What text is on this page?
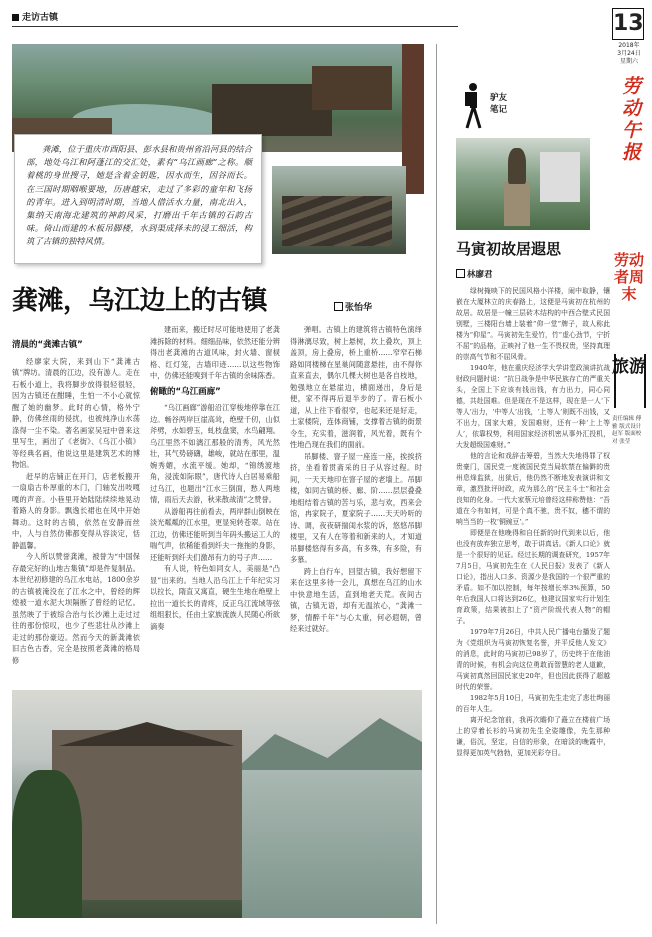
走访古镇	13
2018年
3月24日
星期六
劳动午报
龚滩，位于重庆市酉阳县、彭水县和贵州省沿河县的结合部，地处乌江和阿蓬江的交汇处，素有“乌江画廊”之称。顺着桃的身世搜寻，她是含着金钥匙，因水而生，因谷而长。在三国时期咽喉要地，历唐越宋，走过了多彩的童年和飞扬的青年。进入到明清时期，当地人借活水力量，南北出入，集纳天南海北建筑的神韵风采，打磨出千年古镇的石韵古味。倚山而建的木板吊脚楼，水到渠成择未的浸工细活，构筑了古镇的独特风情。
龚滩，乌江边上的古镇	张怡华
清晨的“龚滩古镇”

经廖家大院，来到山下“龚滩古镇”牌坊。清晨的江边，没有游人。走在石板小道上，我将脚步放得很轻很轻，因为古镇还在酣睡，生怕一不小心就惊醒了她的幽梦。此时的心情，格外宁静，仿佛丝雨的侵扰，也被纯净山水荡涤得一尘不染。著名画家吴冠中曾来这里写生，画出了《老街》、《乌江小镇》等经典名画，他说这里是建筑艺术的博物馆。

赶早的店铺正在开门，店老板搬开一扇扇古朴厚重的木门，门轴发出吱嘎嘎的声音。小巷里开始陆陆续续地晃动着路人的身影。飘逸长裙也在风中开始舞动。这时的古镇，依然在安静而丝中，人与自然仿佛都变得从容淡定，恬静温馨。

今人所以赞誉龚滩，被誉为“中国保存最完好的山地古集镇”却是件复制品。本世纪初修建的乌江水电站，1800余岁的古镇被淹没在了江水之中，曾经的辉煌被一道水泥大坝隔断了曾经的记忆。虽然映了于被综合治与长沙滩上走过过往的那份惊叹，也少了些悲壮从沙滩上走过的那份豪迈。然而今天的新龚滩依旧古色古香，完全是按照老龚滩的格局修

建而来，搬迁时尽可能地使用了老龚滩拆除的材料。细细品味，依然还能分辨得出老龚滩的古道风味，封火墙、窗棂格、红灯笼，古墙印迹……以这些物饰中，仿佛还能嗅到千年古镇的余味陈香。

俯瞰的“乌江画廊”

“乌江画廊”游船沿江穿梭地停靠在江边。畅谷两岸巨崖高耸，绝壁千仞，山似斧劈，水如碧玉，虬枝盘窦，水鸟翩翔。乌江里然不如漓江那般的清秀，风光然壮，其气势磅礴，雄峻，就站在那里，温婉秀媚，水流平缓。她却，“锦绣渡地角，浸流如际眼”，唐代诗人白居易乘船过乌江，也题出“江水三倒面，愁人两地情，雨后天去游，秋来散战清”之赞誉。

从游船再往前看去，两岸群山倒映在淡光粼粼的江水里，更显宛转苍翠。站在江边，仿佛还能听到当年码头搬运工人的喘气声，依稀能看到纤夫一拖拖的身影，还能听到纤夫们激昂有力的号子声……

有人说，特色如同女人，美丽是“凸显”出来的。当地人沿乌江上千年纪实习以拉长，隋直又寓直，硬生生地在绝壁上拉出一道长长的青疼，反正乌江流域等弦组组狠长，任由土家族流族人民随心所欲滴奏

弹唱。古镇上的建筑将古镇特色演绎得淋漓尽致，树上悬树，坎上叠坎，顶上盖顶，房上叠房，桥上重桥……窄窄石梯路如同楼梯在星巢间随意悬挂，由不得你直来直去，偶尔几棵大树也是各自枝地，勉强地立在悬崖边，横面递出，身后是便，家不得再后退半步的了。青石板小道，从上往下看很窄，也起来还是好走，土家楼院，连体商铺，支撑着古镇的街景令生，充实着，滋润着，风光着，既有个性地凸现在我们的面前。

吊脚楼、窨子屋一座连一座，挨挨挤挤，坐看着贯斋采的日子从容过程。时间，一天天地印在窨子屋的老墙上。吊脚楼，如同古镇的桥、廊、阶……层层叠叠地组结着古镇的苦与乐，悲与欢，西来会馆，冉家院子，夏家院子……天天吟听的诗、调，夜夜研揣闺水浆的诉，悠悠吊脚楼里，又有人在等着和新来的人，才知道吊脚楼悠得有多高，有多殊，有多险，有多慕。

跨上自行车，回望古镇，我好想留下来在这里多待一会儿，真想在乌江的山水中快意地生活，直到地老天荒。夜间古镇，古镇无语，却有无温浓心，“龚滩一梦，情醉千年”与心太重，何必遐朝，曾经来过就好。

驴友
笔记
马寅初故居遐思
林廖君

绿树掩映下的民国风格小洋楼，闹中取静，镶嵌在大厦林立的庆春路上，这便是马寅初在杭州的故居。故居是一幢三层砖木结构的中西合壁式民国别墅，三楼阳台墙上装着“仰一堂”牌子，故人称此楼为“仰星”。马寅初先生爱竹，竹“虚心劲节，宁折不屈”的品格，正映衬了他一生不畏权贵，坚持真理的崇高气节和不屈风骨。

1940年，他在重庆经济学大学讲堂政演讲抗战财政问题时说：“抗日战争是中华民族存亡的严重关头，全国上下应该有钱出钱，有力出力，同心同德，共赴国难。但是现在不是这样，现在是一人‘下等人’出力，‘中等人’出钱，‘上等人’则既不出钱，又不出力，国家大难，发国难财，还有一种‘上上等人’，依靠权势，利用国家经济机密从事外汇投机，大发超级国难财。”

他的言论和戏辞击筹碧，当然大失地得罪了权贵豪门，国民党一度被国民党当局软禁在偏僻的贵州息烽监狱，出狱后，他仍然不断地发表演讲和文章，激烈批评时政，成为那么的“民主斗士”和社会良知的化身。一代大家蔡元培曾经这样称赞他：“吾道在今有如何，可是个真不驰，贵不奴，穗不谓的响当当的一枚‘铜豌豆’。”

即便是在他晚得和自任新的时代到来以后，他也没有放弃独立思考，敢于讲真话。《新人口论》就是一个很好的见证。经过长期的调查研究，1957年7月5日，马寅初先生在《人民日报》发表了《新人口论》，指出人口多、资源少是我国的一个很严重的矛盾。如不加以控制，每年按增长率3%预算，50年后我国人口将达到26亿，他建议国家实行计划生育政策，结果被扣上了“资产阶级代表人物”的帽子。

1979年7月26日，中共人民广播电台播发了题为《党组织为马寅初恢复名誉，并平反他人发文》的消息，此时的马寅初已98岁了，历史终于在他油青的时候，有机会向这位勇敢而智慧的老人道歉，马寅初真然回国民家史20年，但也因此获得了超越时代的荣誉。

1982年5月10日，马寅初先生走完了悲壮绚丽的百年人生。

离开纪念馆前，我再次瞻仰了矗立在楼前广场上的穿着长衫的马寅初先生全姿雕像，先生那种谦，俗沉，坚定，自信的形象，在暗淡的晚霞中，显得更加英气勃勃，更加光彩夺目。

劳动者周末
旅游
责任编辑 傅雅 版式设计 赵军 版面校对 张莹
